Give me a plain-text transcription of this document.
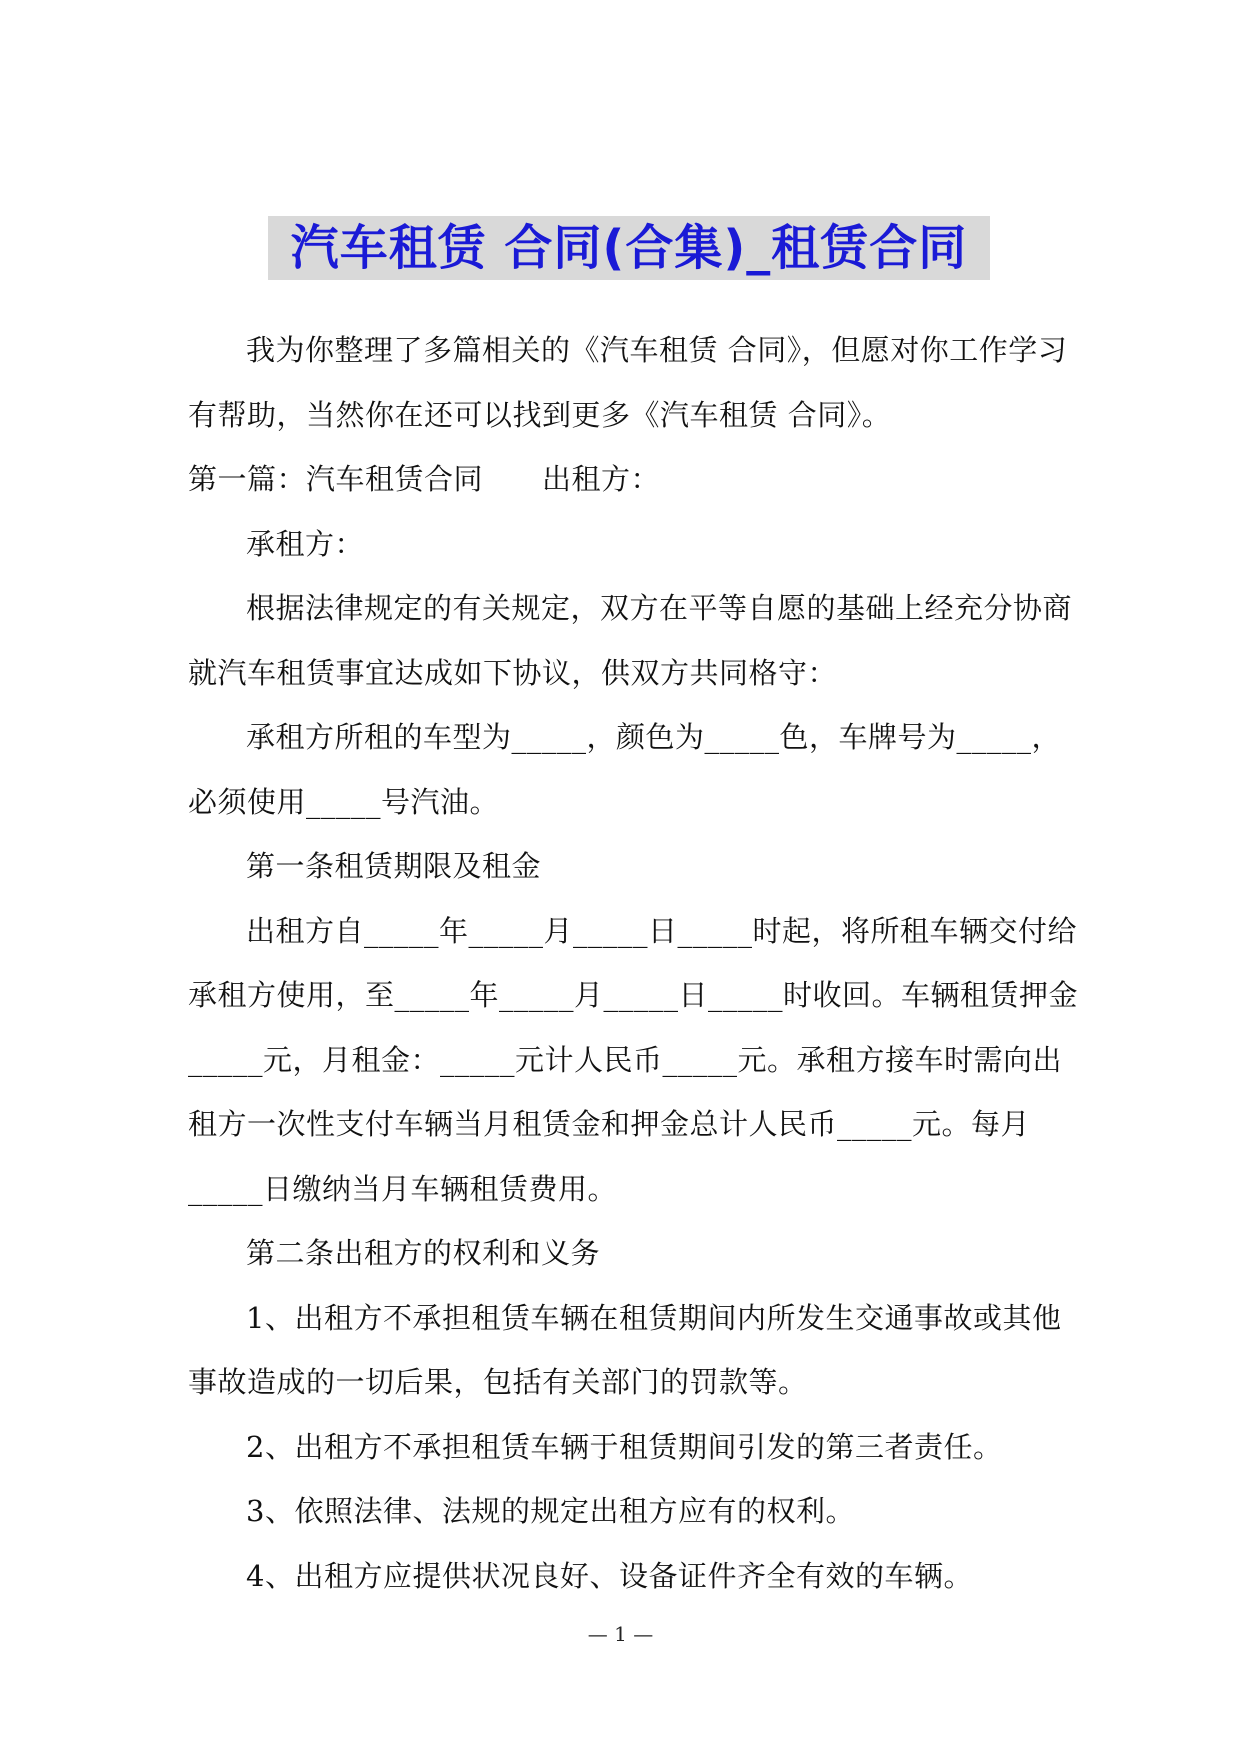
汽车租赁 合同(合集)_租赁合同
我为你整理了多篇相关的《汽车租赁 合同》，但愿对你工作学习
有帮助，当然你在还可以找到更多《汽车租赁 合同》。
第一篇：汽车租赁合同　　出租方：
承租方：
根据法律规定的有关规定，双方在平等自愿的基础上经充分协商
就汽车租赁事宜达成如下协议，供双方共同格守：
承租方所租的车型为_____，颜色为_____色，车牌号为_____，
必须使用_____号汽油。
第一条租赁期限及租金
出租方自_____年_____月_____日_____时起，将所租车辆交付给
承租方使用，至_____年_____月_____日_____时收回。车辆租赁押金
_____元，月租金：_____元计人民币_____元。承租方接车时需向出
租方一次性支付车辆当月租赁金和押金总计人民币_____元。每月
_____日缴纳当月车辆租赁费用。
第二条出租方的权利和义务
1、出租方不承担租赁车辆在租赁期间内所发生交通事故或其他
事故造成的一切后果，包括有关部门的罚款等。
2、出租方不承担租赁车辆于租赁期间引发的第三者责任。
3、依照法律、法规的规定出租方应有的权利。
4、出租方应提供状况良好、设备证件齐全有效的车辆。
— 1 —
